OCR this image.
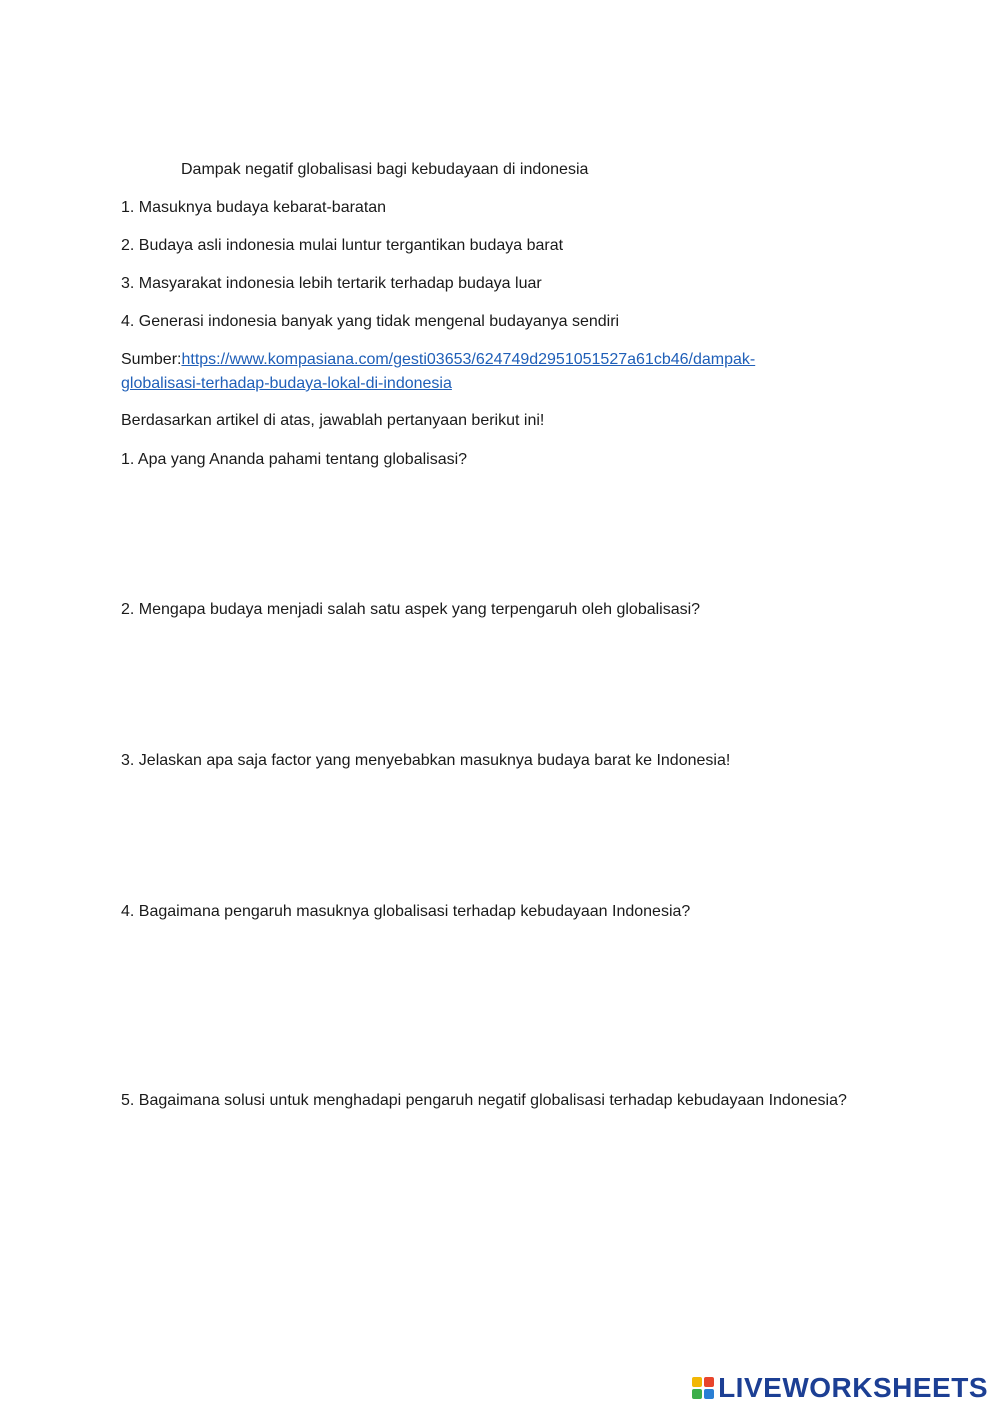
Dampak negatif globalisasi bagi kebudayaan di indonesia
1. Masuknya budaya kebarat-baratan
2. Budaya asli indonesia mulai luntur tergantikan budaya barat
3. Masyarakat indonesia lebih tertarik terhadap budaya luar
4. Generasi indonesia banyak yang tidak mengenal budayanya sendiri
Sumber:https://www.kompasiana.com/gesti03653/624749d2951051527a61cb46/dampak-
globalisasi-terhadap-budaya-lokal-di-indonesia
Berdasarkan artikel di atas, jawablah pertanyaan berikut ini!
1. Apa yang Ananda pahami tentang globalisasi?
2. Mengapa budaya menjadi salah satu aspek yang terpengaruh oleh globalisasi?
3. Jelaskan apa saja factor yang menyebabkan masuknya budaya barat ke Indonesia!
4. Bagaimana pengaruh masuknya globalisasi terhadap kebudayaan Indonesia?
5. Bagaimana solusi untuk menghadapi pengaruh negatif globalisasi terhadap kebudayaan Indonesia?
LIVEWORKSHEETS
